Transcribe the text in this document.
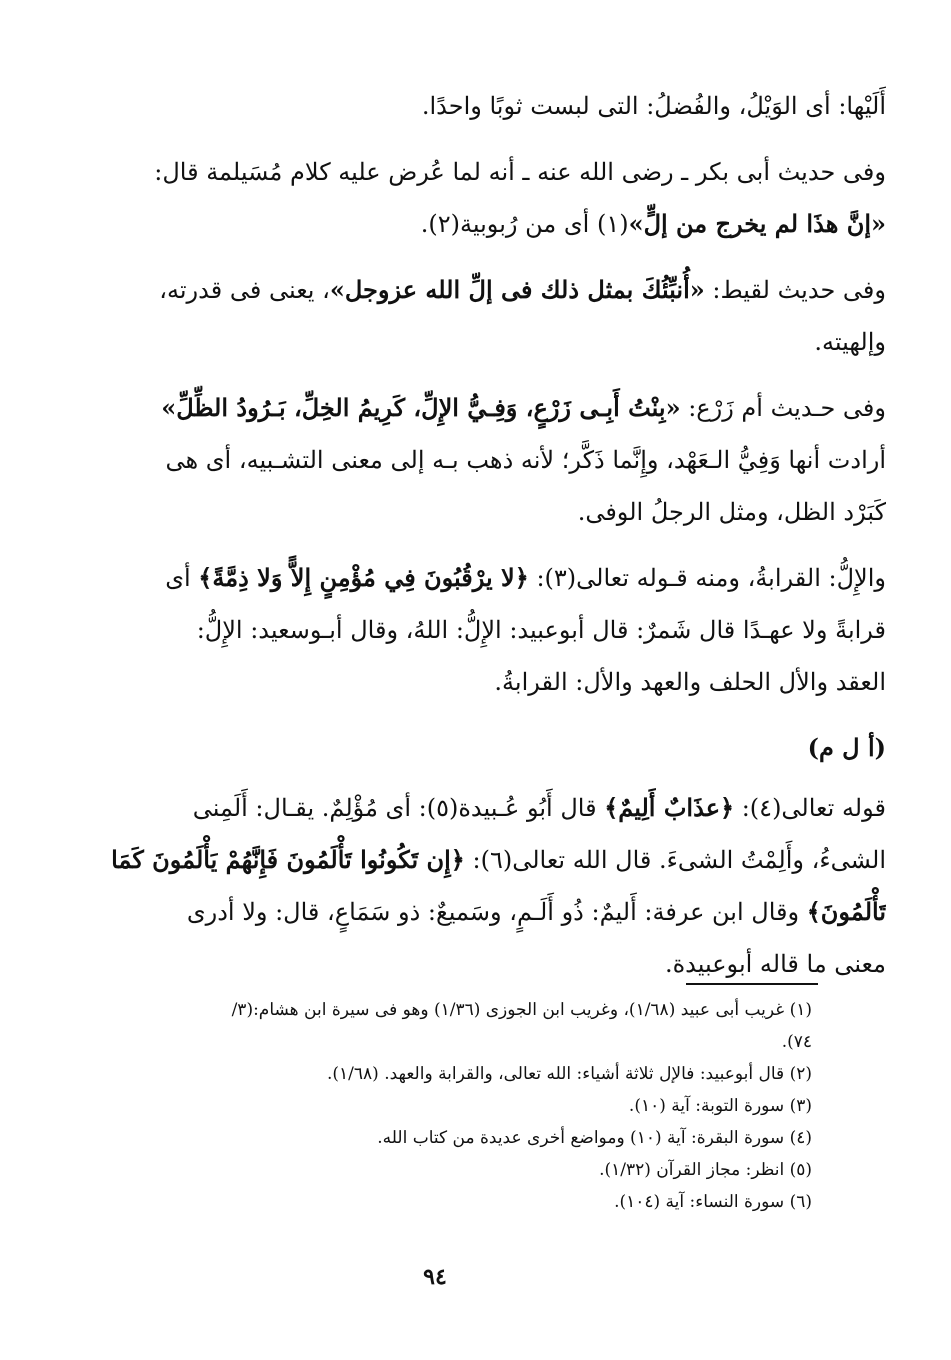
أَلَيْها: أى الوَيْلُ، والفُضلُ: التى لبست ثوبًا واحدًا.

وفى حديث أبى بكر ـ رضى الله عنه ـ أنه لما عُرض عليه كلام مُسَيلمة قال:
«إنَّ هذَا لم يخرج من إلٍّ»(١) أى من رُبوبية(٢).

وفى حديث لقيط: «أُنبِّئُكَ بمثل ذلك فى إلِّ الله عزوجل»، يعنى فى قدرته،
وإلهيته.

وفى حـديث أم زَرْع: «بِنْتُ أَبِـى زَرْعٍ، وَفِـيُّ الإِلِّ، كَرِيمُ الخِلِّ، بَـرُودُ الظِّلِّ»
أرادت أنها وَفِيُّ الـعَهْد، وإِنَّما ذَكَّر؛ لأنه ذهب بـه إلى معنى التشـبيه، أى هى
كَبَرْد الظل، ومثل الرجلُ الوفى.

والإِلُّ: القرابةُ، ومنه قـوله تعالى(٣): ﴿لا يرْقُبُونَ فِي مُؤْمِنٍ إِلاًّ وَلا ذِمَّةً﴾ أى
قرابةً ولا عهـدًا قال شَمرٌ: قال أبوعبيد: الإِلُّ: اللهُ، وقال أبـوسعيد: الإِلُّ:
العقد والأل الحلف والعهد والأل: القرابةُ.

(أ ل م)

قوله تعالى(٤): ﴿عذَابٌ أَلِيمٌ﴾ قال أَبُو عُـبيدة(٥): أى مُؤْلِمٌ. يقـال: أَلَمِنى
الشىءُ، وأَلِمْتُ الشىءَ. قال الله تعالى(٦): ﴿إِن تَكُونُوا تَأْلَمُونَ فَإِنَّهُمْ يَأْلَمُونَ كَمَا
تَأْلَمُونَ﴾ وقال ابن عرفة: أَليمٌ: ذُو أَلَـمٍ، وسَميعٌ: ذو سَمَاعٍ، قال: ولا أدرى
معنى ما قاله أبوعبيدة.

(١) غريب أبى عبيد (١/٦٨)، وغريب ابن الجوزى (١/٣٦) وهو فى سيرة ابن هشام:(٣/
٧٤).
(٢) قال أبوعبيد: فالإل ثلاثة أشياء: الله تعالى، والقرابة والعهد. (١/٦٨).
(٣) سورة التوبة: آية (١٠).
(٤) سورة البقرة: آية (١٠) ومواضع أخرى عديدة من كتاب الله.
(٥) انظر: مجاز القرآن (١/٣٢).
(٦) سورة النساء: آية (١٠٤).
٩٤
